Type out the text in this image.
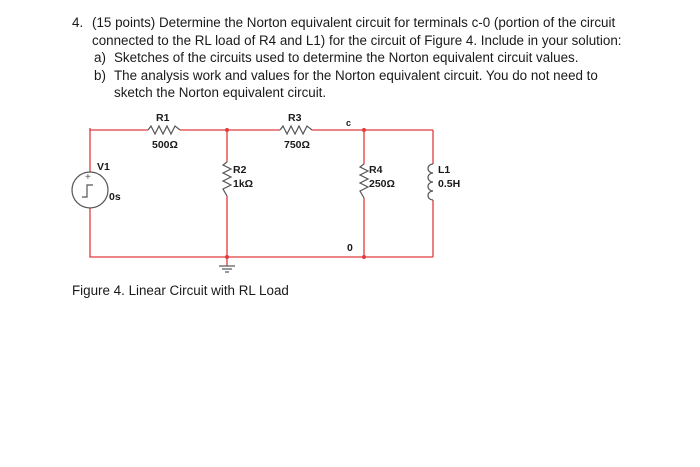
4. (15 points) Determine the Norton equivalent circuit for terminals c-0 (portion of the circuit
connected to the RL load of R4 and L1) for the circuit of Figure 4. Include in your solution:
a) Sketches of the circuits used to determine the Norton equivalent circuit values.
b) The analysis work and values for the Norton equivalent circuit. You do not need to
sketch the Norton equivalent circuit.
R1
500Ω
R3
750Ω
c
R2
1kΩ
R4
250Ω
L1
0.5H
+
V1
0s
0
Figure 4. Linear Circuit with RL Load
